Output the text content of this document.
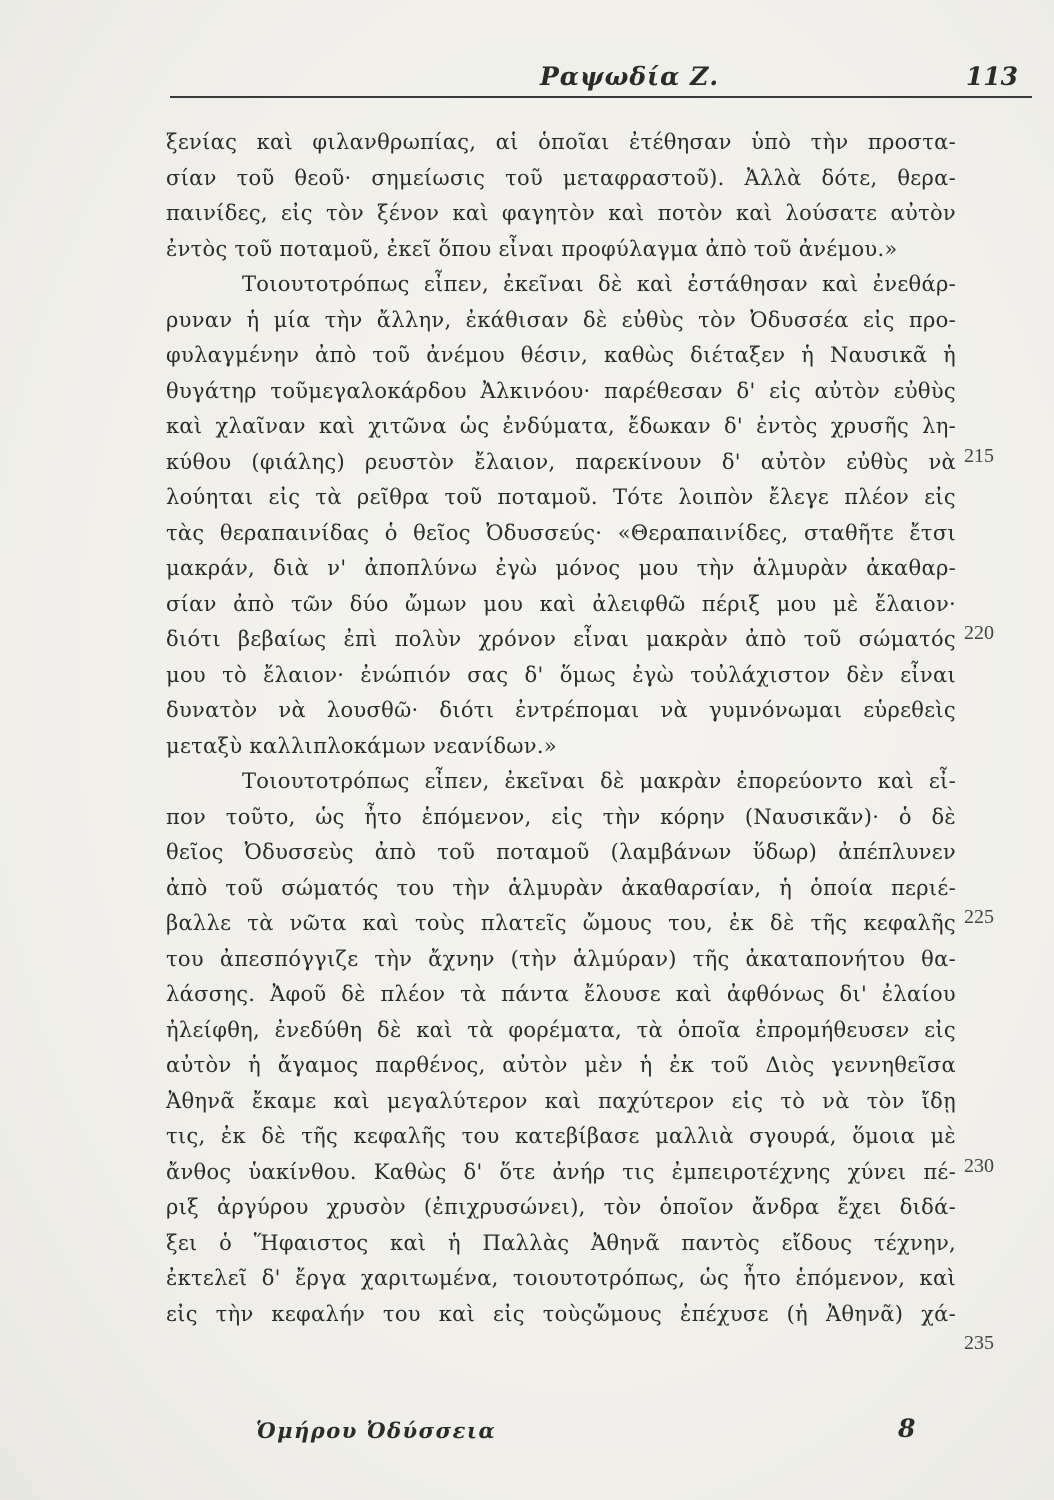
Ραψωδία Ζ.	113
ξενίας καὶ φιλανθρωπίας, αἱ ὁποῖαι ἐτέθησαν ὑπὸ τὴν προστα-
σίαν τοῦ θεοῦ· σημείωσις τοῦ μεταφραστοῦ). Ἀλλὰ δότε, θερα-
παινίδες, εἰς τὸν ξένον καὶ φαγητὸν καὶ ποτὸν καὶ λούσατε αὐτὸν
ἐντὸς τοῦ ποταμοῦ, ἐκεῖ ὅπου εἶναι προφύλαγμα ἀπὸ τοῦ ἀνέμου.»
Τοιουτοτρόπως εἶπεν, ἐκεῖναι δὲ καὶ ἐστάθησαν καὶ ἐνεθάρ-
ρυναν ἡ μία τὴν ἄλλην, ἐκάθισαν δὲ εὐθὺς τὸν Ὀδυσσέα εἰς προ-
φυλαγμένην ἀπὸ τοῦ ἀνέμου θέσιν, καθὼς διέταξεν ἡ Ναυσικᾶ ἡ
θυγάτηρ τοῦμεγαλοκάρδου Ἀλκινόου· παρέθεσαν δ' εἰς αὐτὸν εὐθὺς
καὶ χλαῖναν καὶ χιτῶνα ὡς ἐνδύματα, ἔδωκαν δ' ἐντὸς χρυσῆς λη-
κύθου (φιάλης) ρευστὸν ἔλαιον, παρεκίνουν δ' αὐτὸν εὐθὺς νὰ
λούηται εἰς τὰ ρεῖθρα τοῦ ποταμοῦ. Τότε λοιπὸν ἔλεγε πλέον εἰς
τὰς θεραπαινίδας ὁ θεῖος Ὀδυσσεύς· «Θεραπαινίδες, σταθῆτε ἔτσι
μακράν, διὰ ν' ἀποπλύνω ἐγὼ μόνος μου τὴν ἁλμυρὰν ἀκαθαρ-
σίαν ἀπὸ τῶν δύο ὤμων μου καὶ ἀλειφθῶ πέριξ μου μὲ ἔλαιον·
διότι βεβαίως ἐπὶ πολὺν χρόνον εἶναι μακρὰν ἀπὸ τοῦ σώματός
μου τὸ ἔλαιον· ἐνώπιόν σας δ' ὅμως ἐγὼ τοὐλάχιστον δὲν εἶναι
δυνατὸν νὰ λουσθῶ· διότι ἐντρέπομαι νὰ γυμνόνωμαι εὑρεθεὶς
μεταξὺ καλλιπλοκάμων νεανίδων.»
Τοιουτοτρόπως εἶπεν, ἐκεῖναι δὲ μακρὰν ἐπορεύοντο καὶ εἶ-
πον τοῦτο, ὡς ἦτο ἑπόμενον, εἰς τὴν κόρην (Ναυσικᾶν)· ὁ δὲ
θεῖος Ὀδυσσεὺς ἀπὸ τοῦ ποταμοῦ (λαμβάνων ὕδωρ) ἀπέπλυνεν
ἀπὸ τοῦ σώματός του τὴν ἁλμυρὰν ἀκαθαρσίαν, ἡ ὁποία περιέ-
βαλλε τὰ νῶτα καὶ τοὺς πλατεῖς ὤμους του, ἐκ δὲ τῆς κεφαλῆς
του ἀπεσπόγγιζε τὴν ἄχνην (τὴν ἁλμύραν) τῆς ἀκαταπονήτου θα-
λάσσης. Ἀφοῦ δὲ πλέον τὰ πάντα ἔλουσε καὶ ἀφθόνως δι' ἐλαίου
ἠλείφθη, ἐνεδύθη δὲ καὶ τὰ φορέματα, τὰ ὁποῖα ἐπρομήθευσεν εἰς
αὐτὸν ἡ ἄγαμος παρθένος, αὐτὸν μὲν ἡ ἐκ τοῦ Διὸς γεννηθεῖσα
Ἀθηνᾶ ἔκαμε καὶ μεγαλύτερον καὶ παχύτερον εἰς τὸ νὰ τὸν ἴδῃ
τις, ἐκ δὲ τῆς κεφαλῆς του κατεβίβασε μαλλιὰ σγουρά, ὅμοια μὲ
ἄνθος ὑακίνθου. Καθὼς δ' ὅτε ἀνήρ τις ἐμπειροτέχνης χύνει πέ-
ριξ ἀργύρου χρυσὸν (ἐπιχρυσώνει), τὸν ὁποῖον ἄνδρα ἔχει διδά-
ξει ὁ Ἥφαιστος καὶ ἡ Παλλὰς Ἀθηνᾶ παντὸς εἴδους τέχνην,
ἐκτελεῖ δ' ἔργα χαριτωμένα, τοιουτοτρόπως, ὡς ἦτο ἑπόμενον, καὶ
εἰς τὴν κεφαλήν του καὶ εἰς τοὺςὤμους ἐπέχυσε (ἡ Ἀθηνᾶ) χά-
215
220
225
230
235
Ὁμήρου Ὀδύσσεια	8
